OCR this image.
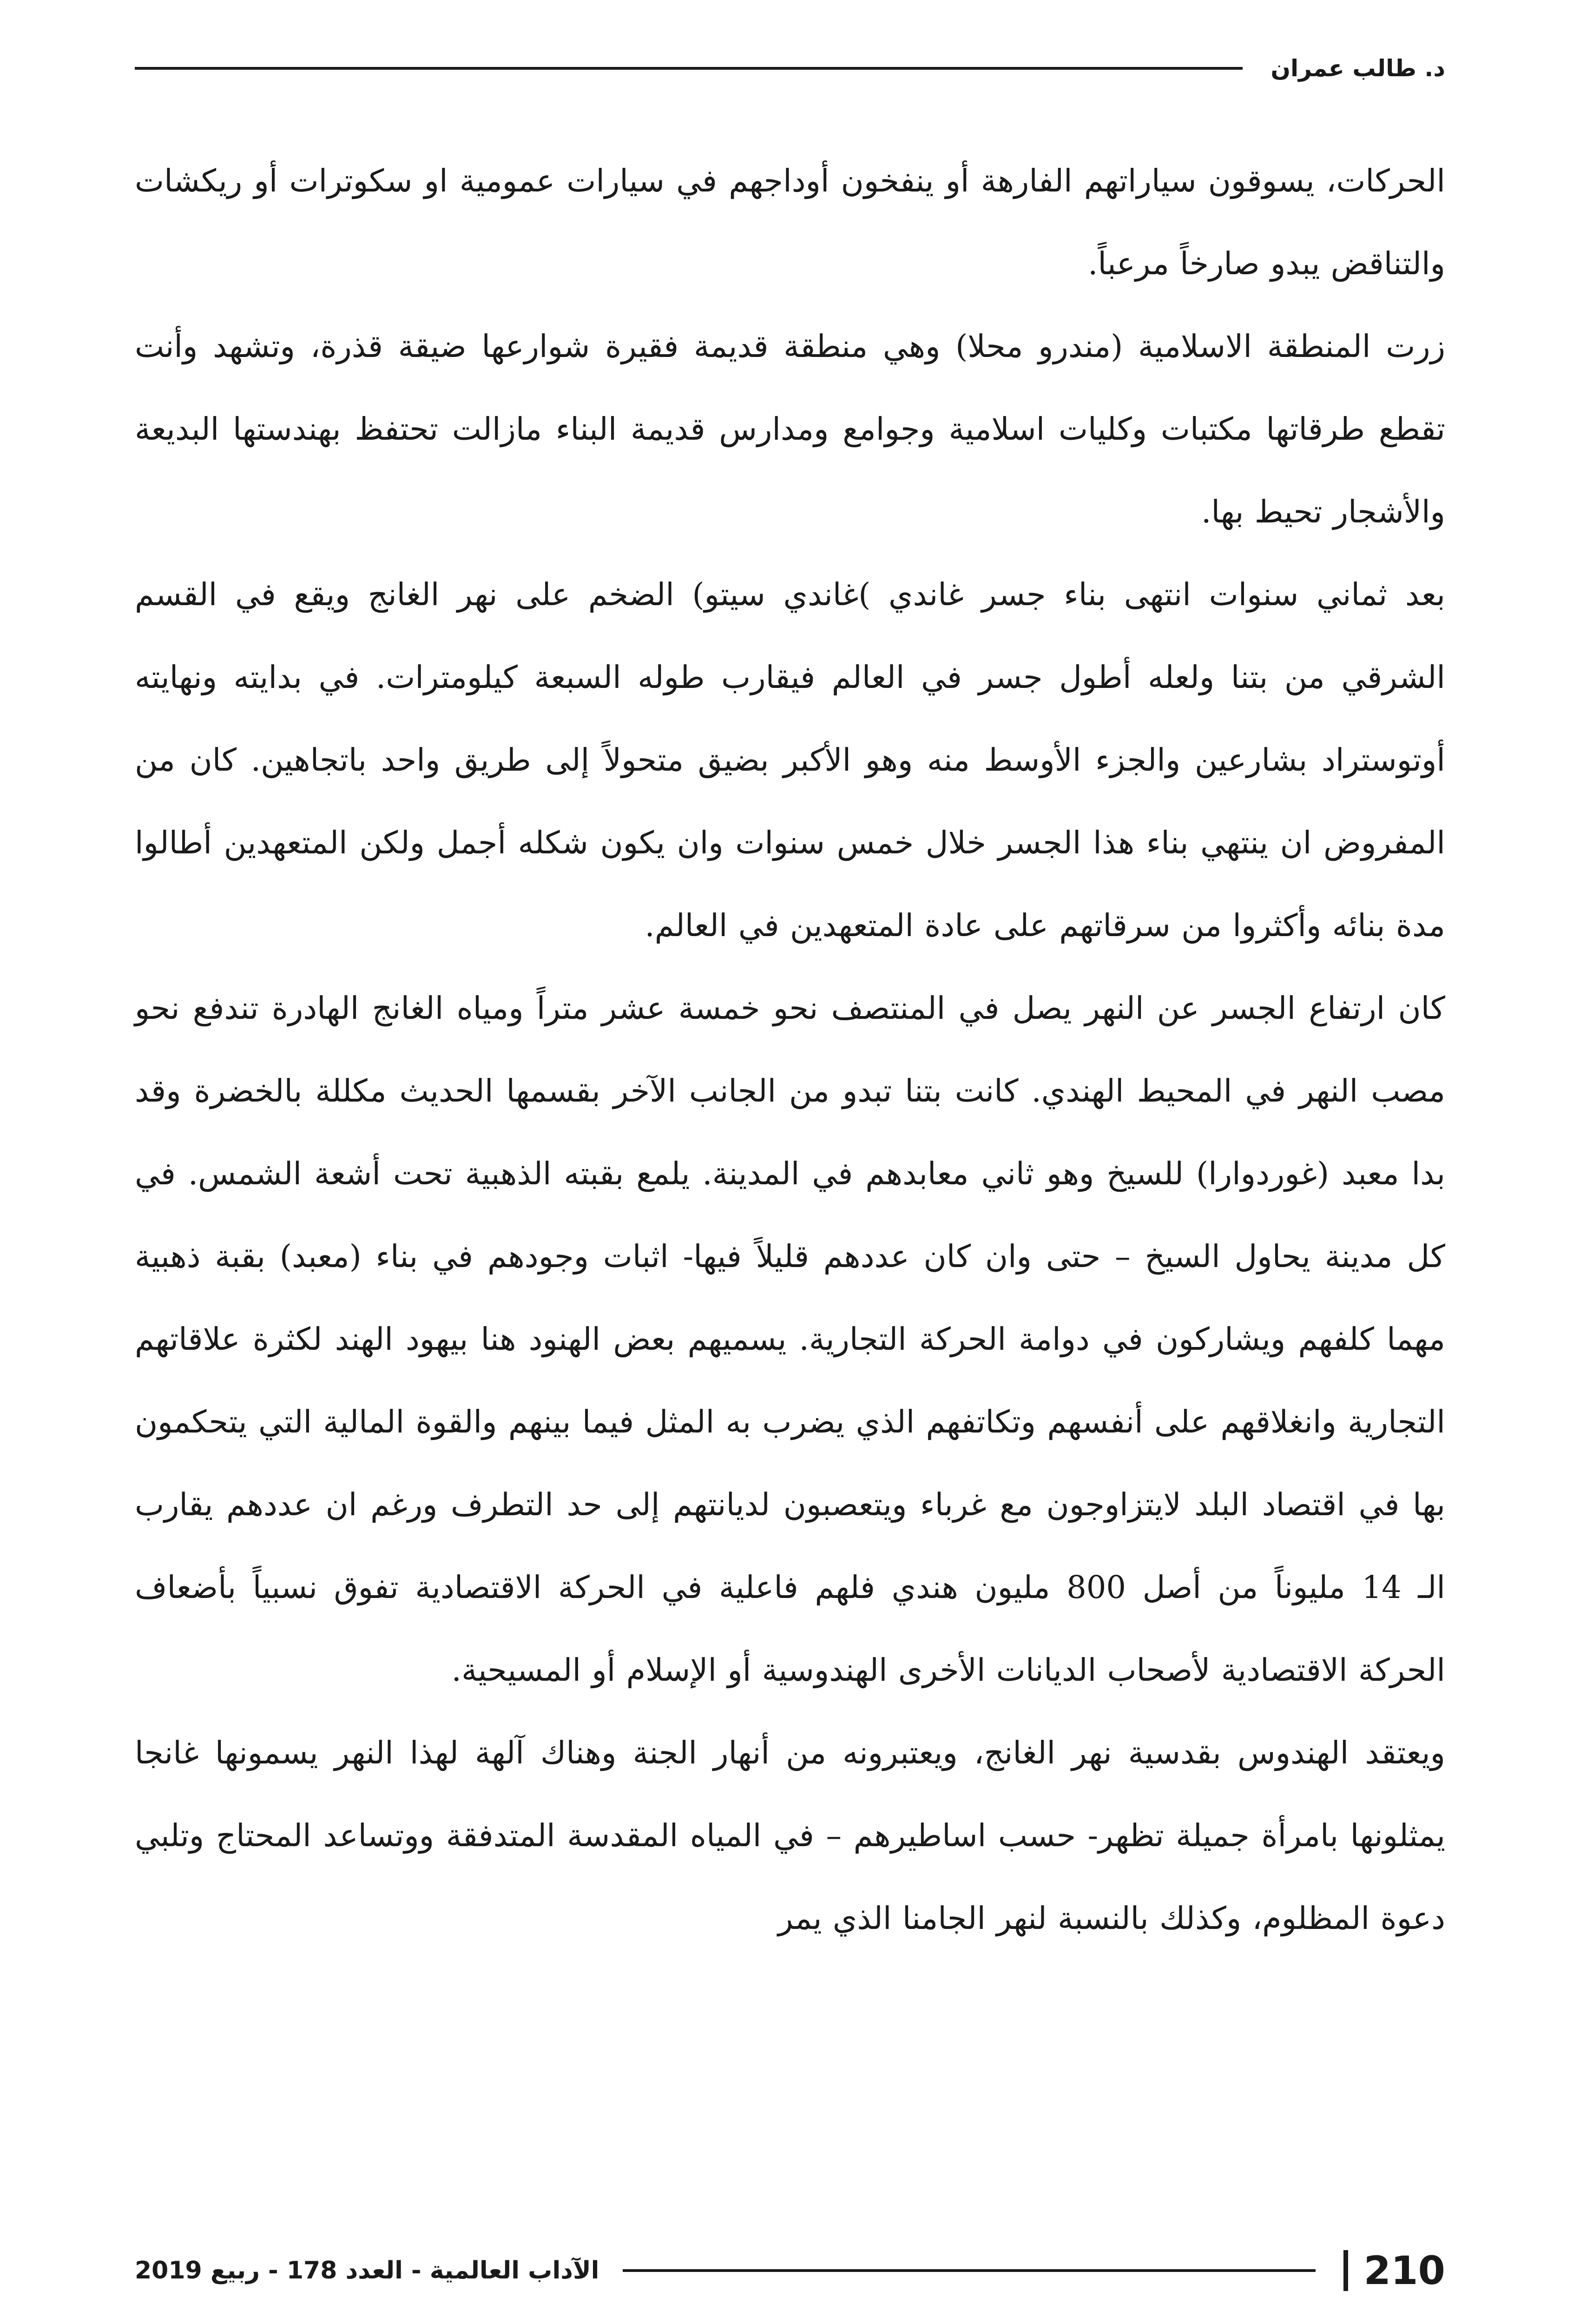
د. طالب عمران

الحركات، يسوقون سياراتهم الفارهة أو ينفخون أوداجهم في سيارات عمومية او سكوترات أو ريكشات والتناقض يبدو صارخاً مرعباً.

زرت المنطقة الاسلامية (مندرو محلا) وهي منطقة قديمة فقيرة شوارعها ضيقة قذرة، وتشهد وأنت تقطع طرقاتها مكتبات وكليات اسلامية وجوامع ومدارس قديمة البناء مازالت تحتفظ بهندستها البديعة والأشجار تحيط بها.

بعد ثماني سنوات انتهى بناء جسر غاندي )غاندي سيتو) الضخم على نهر الغانج ويقع في القسم الشرقي من بتنا ولعله أطول جسر في العالم فيقارب طوله السبعة كيلومترات. في بدايته ونهايته أوتوستراد بشارعين والجزء الأوسط منه وهو الأكبر بضيق متحولاً إلى طريق واحد باتجاهين. كان من المفروض ان ينتهي بناء هذا الجسر خلال خمس سنوات وان يكون شكله أجمل ولكن المتعهدين أطالوا مدة بنائه وأكثروا من سرقاتهم على عادة المتعهدين في العالم.

كان ارتفاع الجسر عن النهر يصل في المنتصف نحو خمسة عشر متراً ومياه الغانج الهادرة تندفع نحو مصب النهر في المحيط الهندي. كانت بتنا تبدو من الجانب الآخر بقسمها الحديث مكللة بالخضرة وقد بدا معبد (غوردوارا) للسيخ وهو ثاني معابدهم في المدينة. يلمع بقبته الذهبية تحت أشعة الشمس. في كل مدينة يحاول السيخ – حتى وان كان عددهم قليلاً فيها- اثبات وجودهم في بناء (معبد) بقبة ذهبية مهما كلفهم ويشاركون في دوامة الحركة التجارية. يسميهم بعض الهنود هنا بيهود الهند لكثرة علاقاتهم التجارية وانغلاقهم على أنفسهم وتكاتفهم الذي يضرب به المثل فيما بينهم والقوة المالية التي يتحكمون بها في اقتصاد البلد لايتزاوجون مع غرباء ويتعصبون لديانتهم إلى حد التطرف ورغم ان عددهم يقارب الـ 14 مليوناً من أصل 800 مليون هندي فلهم فاعلية في الحركة الاقتصادية تفوق نسبياً بأضعاف الحركة الاقتصادية لأصحاب الديانات الأخرى الهندوسية أو الإسلام أو المسيحية.

ويعتقد الهندوس بقدسية نهر الغانج، ويعتبرونه من أنهار الجنة وهناك آلهة لهذا النهر يسمونها غانجا يمثلونها بامرأة جميلة تظهر- حسب اساطيرهم – في المياه المقدسة المتدفقة ووتساعد المحتاج وتلبي دعوة المظلوم، وكذلك بالنسبة لنهر الجامنا الذي يمر

210
الآداب العالمية - العدد 178 - ربيع 2019
